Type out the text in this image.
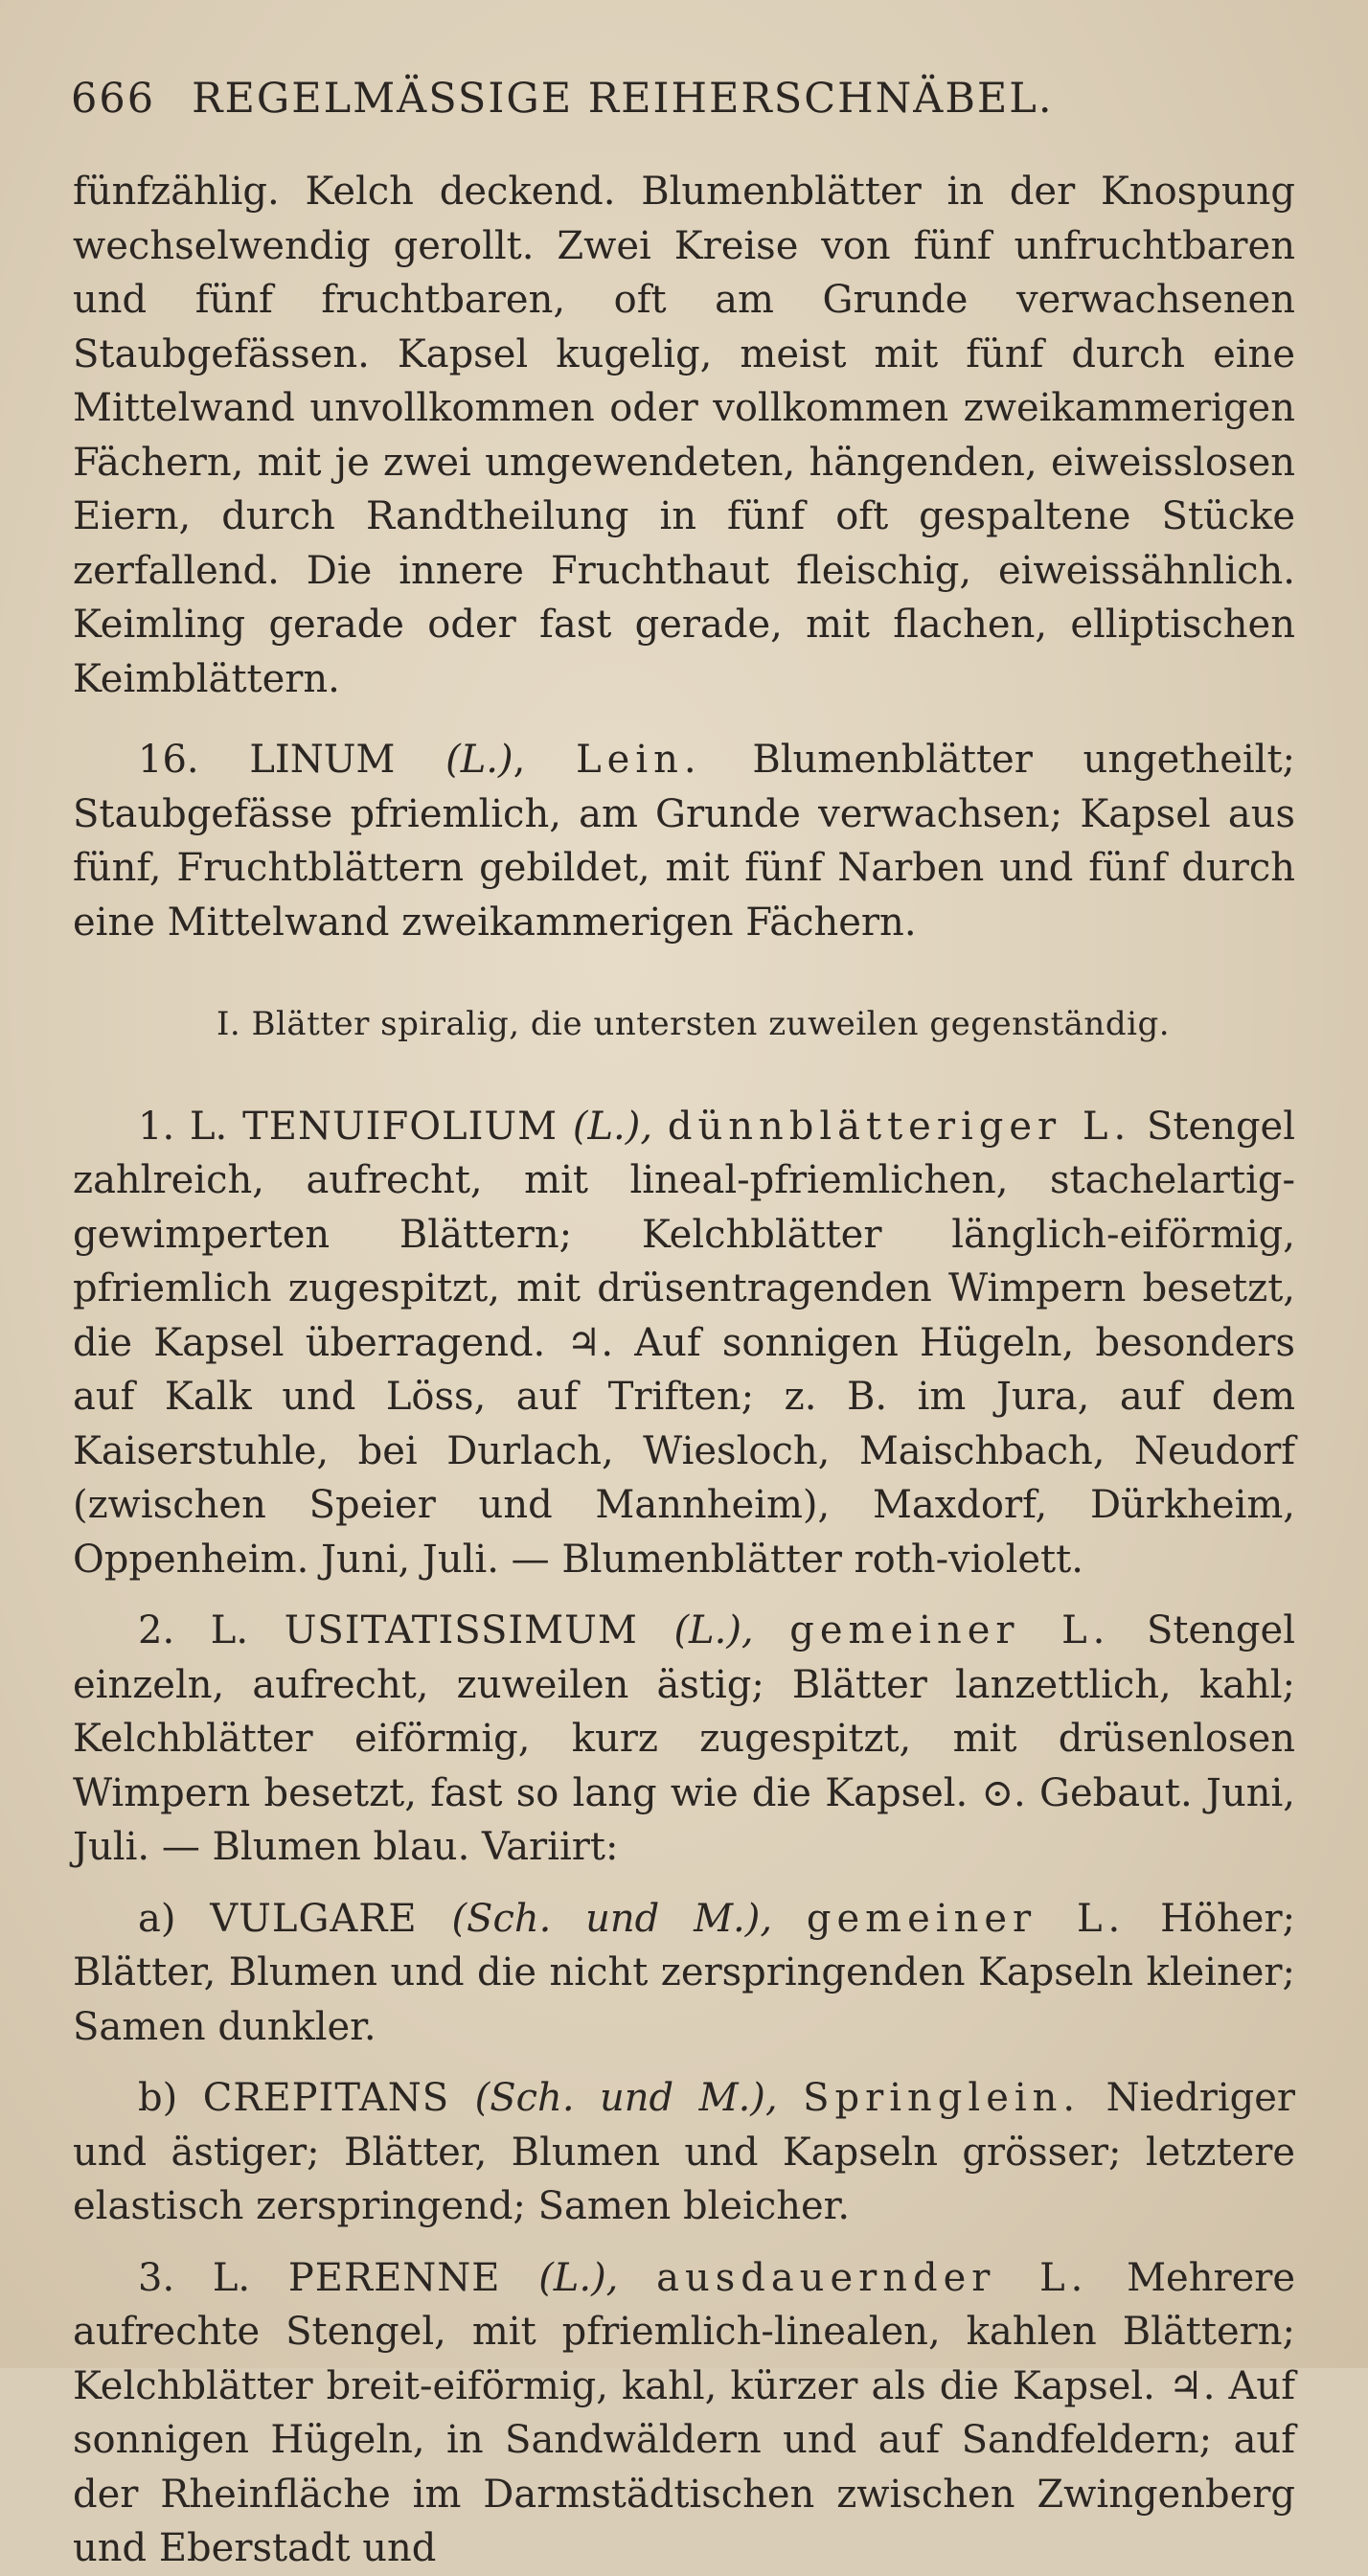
666 REGELMÄSSIGE REIHERSCHNÄBEL.

fünfzählig. Kelch deckend. Blumenblätter in der Knospung wechselwendig gerollt. Zwei Kreise von fünf unfruchtbaren und fünf fruchtbaren, oft am Grunde verwachsenen Staubgefässen. Kapsel kugelig, meist mit fünf durch eine Mittelwand unvollkommen oder vollkommen zweikammerigen Fächern, mit je zwei umgewendeten, hängenden, eiweisslosen Eiern, durch Randtheilung in fünf oft gespaltene Stücke zerfallend. Die innere Fruchthaut fleischig, eiweissähnlich. Keimling gerade oder fast gerade, mit flachen, elliptischen Keimblättern.

16. LINUM (L.), Lein. Blumenblätter ungetheilt; Staubgefässe pfriemlich, am Grunde verwachsen; Kapsel aus fünf, Fruchtblättern gebildet, mit fünf Narben und fünf durch eine Mittelwand zweikammerigen Fächern.

I. Blätter spiralig, die untersten zuweilen gegenständig.

1. L. TENUIFOLIUM (L.), dünnblätteriger L. Stengel zahlreich, aufrecht, mit lineal-pfriemlichen, stachelartig-gewimperten Blättern; Kelchblätter länglich-eiförmig, pfriemlich zugespitzt, mit drüsentragenden Wimpern besetzt, die Kapsel überragend. ♃. Auf sonnigen Hügeln, besonders auf Kalk und Löss, auf Triften; z. B. im Jura, auf dem Kaiserstuhle, bei Durlach, Wiesloch, Maischbach, Neudorf (zwischen Speier und Mannheim), Maxdorf, Dürkheim, Oppenheim. Juni, Juli. — Blumenblätter roth-violett.

2. L. USITATISSIMUM (L.), gemeiner L. Stengel einzeln, aufrecht, zuweilen ästig; Blätter lanzettlich, kahl; Kelchblätter eiförmig, kurz zugespitzt, mit drüsenlosen Wimpern besetzt, fast so lang wie die Kapsel. ⊙. Gebaut. Juni, Juli. — Blumen blau. Variirt:

a) VULGARE (Sch. und M.), gemeiner L. Höher; Blätter, Blumen und die nicht zerspringenden Kapseln kleiner; Samen dunkler.

b) CREPITANS (Sch. und M.), Springlein. Niedriger und ästiger; Blätter, Blumen und Kapseln grösser; letztere elastisch zerspringend; Samen bleicher.

3. L. PERENNE (L.), ausdauernder L. Mehrere aufrechte Stengel, mit pfriemlich-linealen, kahlen Blättern; Kelchblätter breit-eiförmig, kahl, kürzer als die Kapsel. ♃. Auf sonnigen Hügeln, in Sandwäldern und auf Sandfeldern; auf der Rheinfläche im Darmstädtischen zwischen Zwingenberg und Eberstadt und
